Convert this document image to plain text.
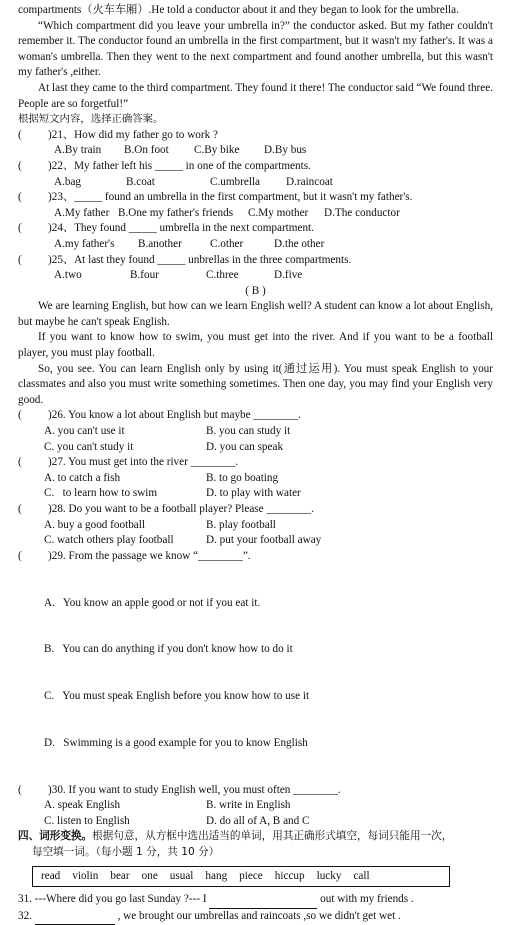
compartments（火车车厢）.He told a conductor about it and they began to look for the umbrella.

“Which compartment did you leave your umbrella in?” the conductor asked. But my father couldn't remember it. The conductor found an umbrella in the first compartment, but it wasn't my father's. It was a woman's umbrella. Then they went to the next compartment and found another umbrella, but this wasn't my father's ,either.

At last they came to the third compartment. They found it there! The conductor said “We found three. People are so forgetful!”

根据短文内容，选择正确答案。

( )21、How did my father go to work ?

A.By train B.On foot C.By bike D.By bus

( )22、My father left his _____ in one of the compartments.

A.bag	B.coat	C.umbrella D.raincoat

( )23、_____ found an umbrella in the first compartment, but it wasn't my father's.

A.My father B.One my father's friends C.My mother D.The conductor

( )24、They found _____ umbrella in the next compartment.

A.my father's B.another	C.other	D.the other

( )25、At last they found _____ unbrellas in the three compartments.

A.two	B.four	C.three	D.five

( B )

We are learning English, but how can we learn English well? A student can know a lot about English, but maybe he can't speak English.

If you want to know how to swim, you must get into the river. And if you want to be a football player, you must play football.

So, you see. You can learn English only by using it(通过运用). You must speak English to your classmates and also you must write something sometimes. Then one day, you may find your English very good.

( )26. You know a lot about English but maybe ________.

A. you can't use it	B. you can study it
C. you can't study it	D. you can speak

( )27. You must get into the river ________.

A. to catch a fish	B. to go boating
C.   to learn how to swim	D. to play with water

( )28. Do you want to be a football player? Please ________.

A. buy a good football	B. play football
C. watch others play football	D. put your football away

( )29. From the passage we know “________”.

A.   You know an apple good or not if you eat it.

B.   You can do anything if you don't know how to do it

C.   You must speak English before you know how to use it

D.   Swimming is a good example for you to know English

( )30. If you want to study English well, you must often ________.

A. speak English	B. write in English
C. listen to English	D. do all of A, B and C

四、词形变换。根据句意，从方框中选出适当的单词，用其正确形式填空，每词只能用一次，

每空填一词。（每小题 1 分，共 10 分）

read violin bear one usual hang piece hiccup lucky call

31. ---Where did you go last Sunday ?--- I	out with my friends .

32.	, we brought our umbrellas and raincoats ,so we didn't get wet .
